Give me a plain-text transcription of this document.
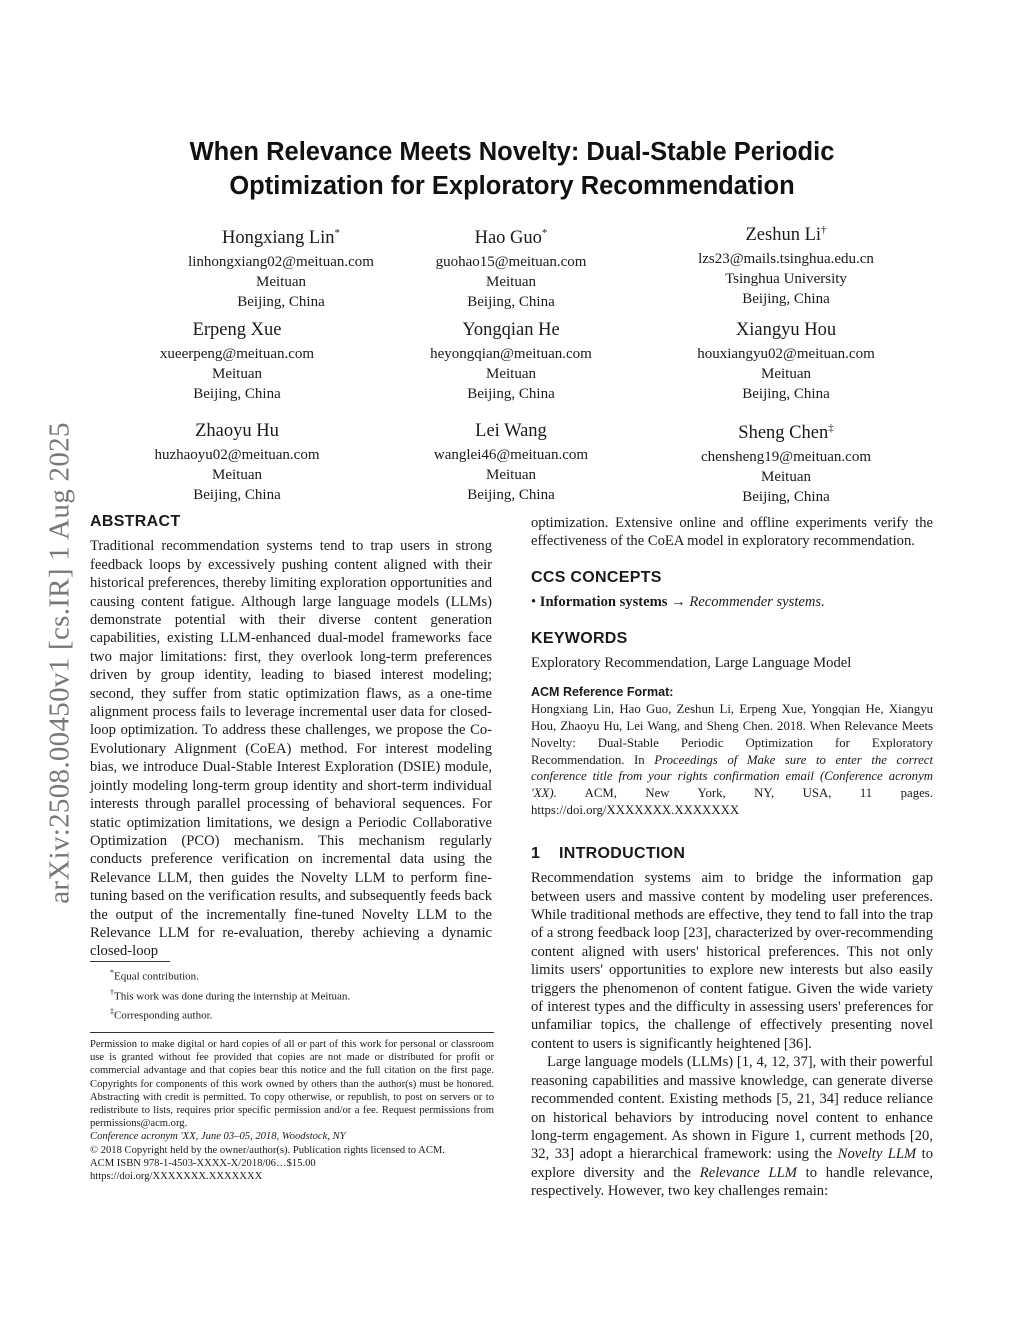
arXiv:2508.00450v1 [cs.IR] 1 Aug 2025
When Relevance Meets Novelty: Dual-Stable Periodic
Optimization for Exploratory Recommendation
Hongxiang Lin*
linhongxiang02@meituan.com
Meituan
Beijing, China
Hao Guo*
guohao15@meituan.com
Meituan
Beijing, China
Zeshun Li†
lzs23@mails.tsinghua.edu.cn
Tsinghua University
Beijing, China
Erpeng Xue
xueerpeng@meituan.com
Meituan
Beijing, China
Yongqian He
heyongqian@meituan.com
Meituan
Beijing, China
Xiangyu Hou
houxiangyu02@meituan.com
Meituan
Beijing, China
Zhaoyu Hu
huzhaoyu02@meituan.com
Meituan
Beijing, China
Lei Wang
wanglei46@meituan.com
Meituan
Beijing, China
Sheng Chen‡
chensheng19@meituan.com
Meituan
Beijing, China
ABSTRACT

Traditional recommendation systems tend to trap users in strong feedback loops by excessively pushing content aligned with their historical preferences, thereby limiting exploration opportunities and causing content fatigue. Although large language models (LLMs) demonstrate potential with their diverse content generation capabilities, existing LLM-enhanced dual-model frameworks face two major limitations: first, they overlook long-term preferences driven by group identity, leading to biased interest modeling; second, they suffer from static optimization flaws, as a one-time alignment process fails to leverage incremental user data for closed-loop optimization. To address these challenges, we propose the Co-Evolutionary Alignment (CoEA) method. For interest modeling bias, we introduce Dual-Stable Interest Exploration (DSIE) module, jointly modeling long-term group identity and short-term individual interests through parallel processing of behavioral sequences. For static optimization limitations, we design a Periodic Collaborative Optimization (PCO) mechanism. This mechanism regularly conducts preference verification on incremental data using the Relevance LLM, then guides the Novelty LLM to perform fine-tuning based on the verification results, and subsequently feeds back the output of the incrementally fine-tuned Novelty LLM to the Relevance LLM for re-evaluation, thereby achieving a dynamic closed-loop

*Equal contribution.
†This work was done during the internship at Meituan.
‡Corresponding author.

Permission to make digital or hard copies of all or part of this work for personal or classroom use is granted without fee provided that copies are not made or distributed for profit or commercial advantage and that copies bear this notice and the full citation on the first page. Copyrights for components of this work owned by others than the author(s) must be honored. Abstracting with credit is permitted. To copy otherwise, or republish, to post on servers or to redistribute to lists, requires prior specific permission and/or a fee. Request permissions from permissions@acm.org.

Conference acronym 'XX, June 03–05, 2018, Woodstock, NY

© 2018 Copyright held by the owner/author(s). Publication rights licensed to ACM.

ACM ISBN 978-1-4503-XXXX-X/2018/06…$15.00

https://doi.org/XXXXXXX.XXXXXXX

optimization. Extensive online and offline experiments verify the effectiveness of the CoEA model in exploratory recommendation.

CCS CONCEPTS

• Information systems → Recommender systems.

KEYWORDS

Exploratory Recommendation, Large Language Model

ACM Reference Format:

Hongxiang Lin, Hao Guo, Zeshun Li, Erpeng Xue, Yongqian He, Xiangyu Hou, Zhaoyu Hu, Lei Wang, and Sheng Chen. 2018. When Relevance Meets Novelty: Dual-Stable Periodic Optimization for Exploratory Recommendation. In Proceedings of Make sure to enter the correct conference title from your rights confirmation email (Conference acronym 'XX). ACM, New York, NY, USA, 11 pages. https://doi.org/XXXXXXX.XXXXXXX

1 INTRODUCTION

Recommendation systems aim to bridge the information gap between users and massive content by modeling user preferences. While traditional methods are effective, they tend to fall into the trap of a strong feedback loop [23], characterized by over-recommending content aligned with users' historical preferences. This not only limits users' opportunities to explore new interests but also easily triggers the phenomenon of content fatigue. Given the wide variety of interest types and the difficulty in assessing users' preferences for unfamiliar topics, the challenge of effectively presenting novel content to users is significantly heightened [36].

Large language models (LLMs) [1, 4, 12, 37], with their powerful reasoning capabilities and massive knowledge, can generate diverse recommended content. Existing methods [5, 21, 34] reduce reliance on historical behaviors by introducing novel content to enhance long-term engagement. As shown in Figure 1, current methods [20, 32, 33] adopt a hierarchical framework: using the Novelty LLM to explore diversity and the Relevance LLM to handle relevance, respectively. However, two key challenges remain:
